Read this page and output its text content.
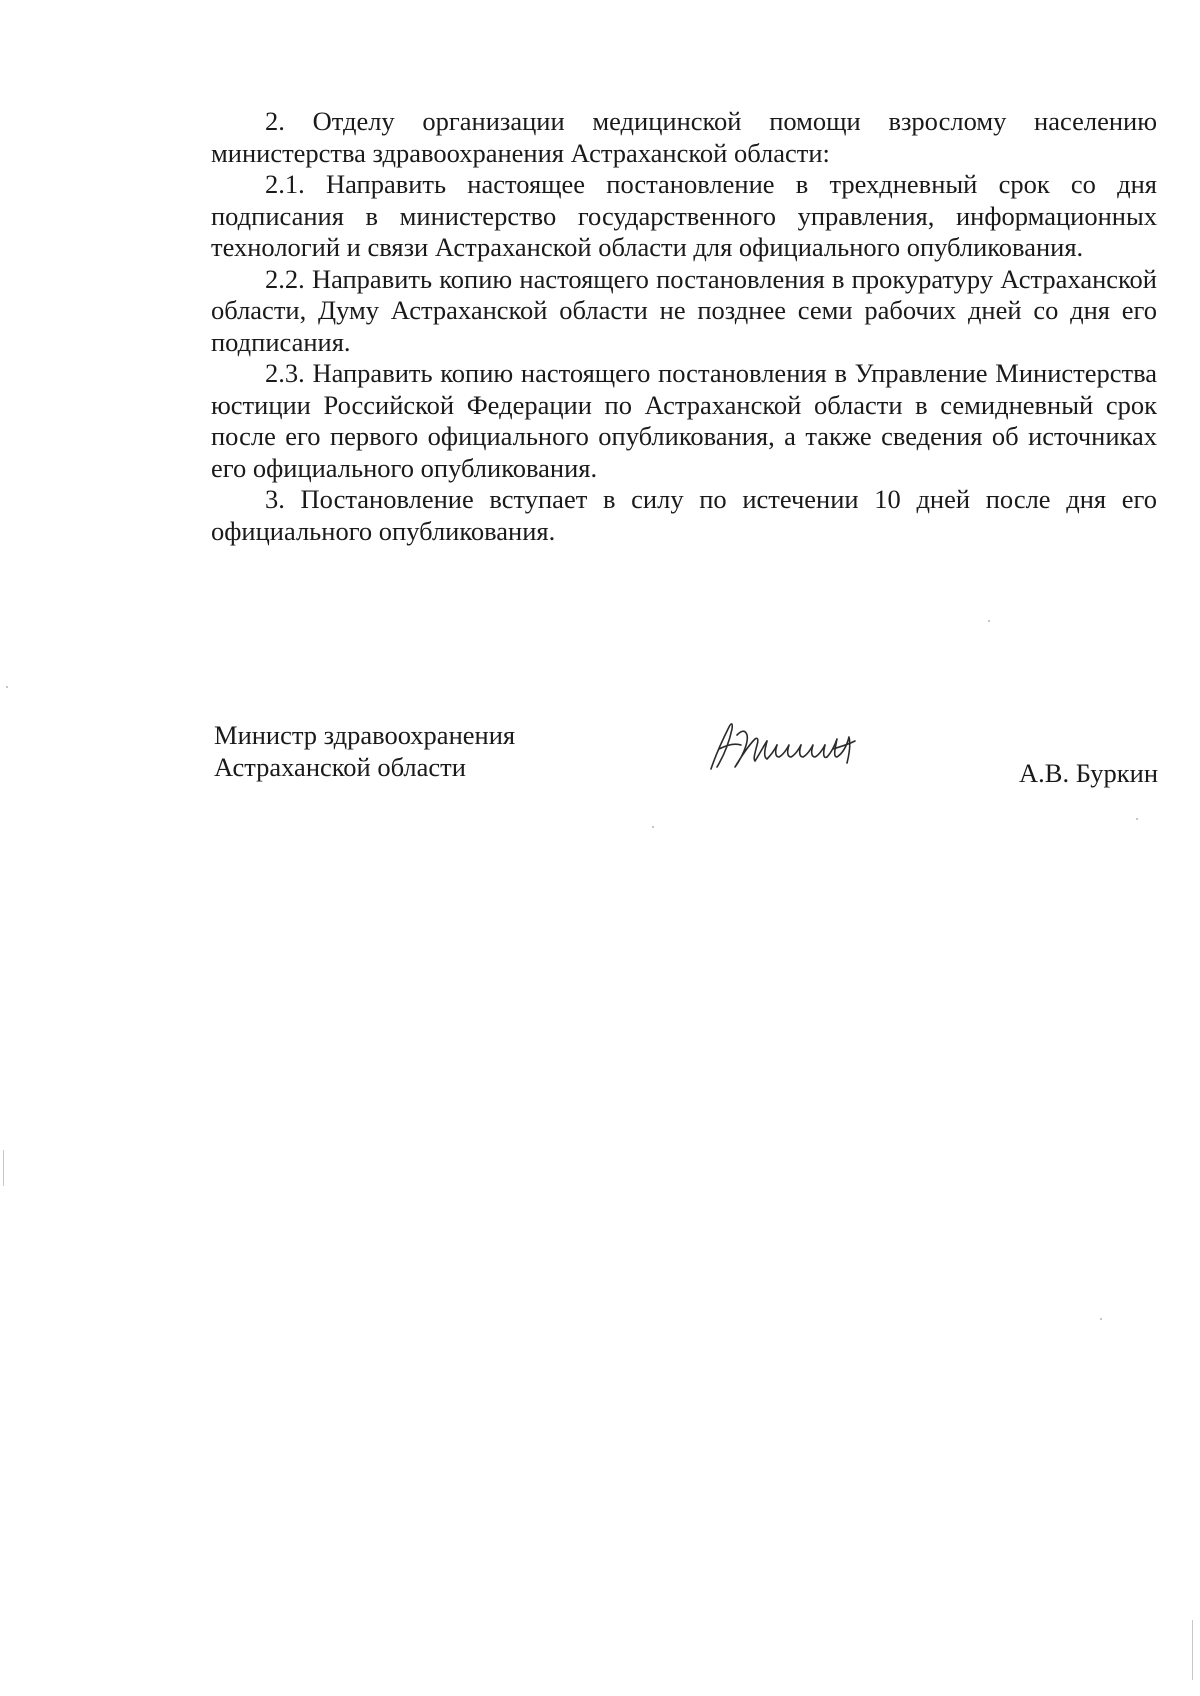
2. Отделу организации медицинской помощи взрослому населению министерства здравоохранения Астраханской области:

2.1. Направить настоящее постановление в трехдневный срок со дня подписания в министерство государственного управления, информационных технологий и связи Астраханской области для официального опубликования.

2.2. Направить копию настоящего постановления в прокуратуру Астраханской области, Думу Астраханской области не позднее семи рабочих дней со дня его подписания.

2.3. Направить копию настоящего постановления в Управление Министерства юстиции Российской Федерации по Астраханской области в семидневный срок после его первого официального опубликования, а также сведения об источниках его официального опубликования.

3. Постановление вступает в силу по истечении 10 дней после дня его официального опубликования.

Министр здравоохранения
Астраханской области	А.В. Буркин
